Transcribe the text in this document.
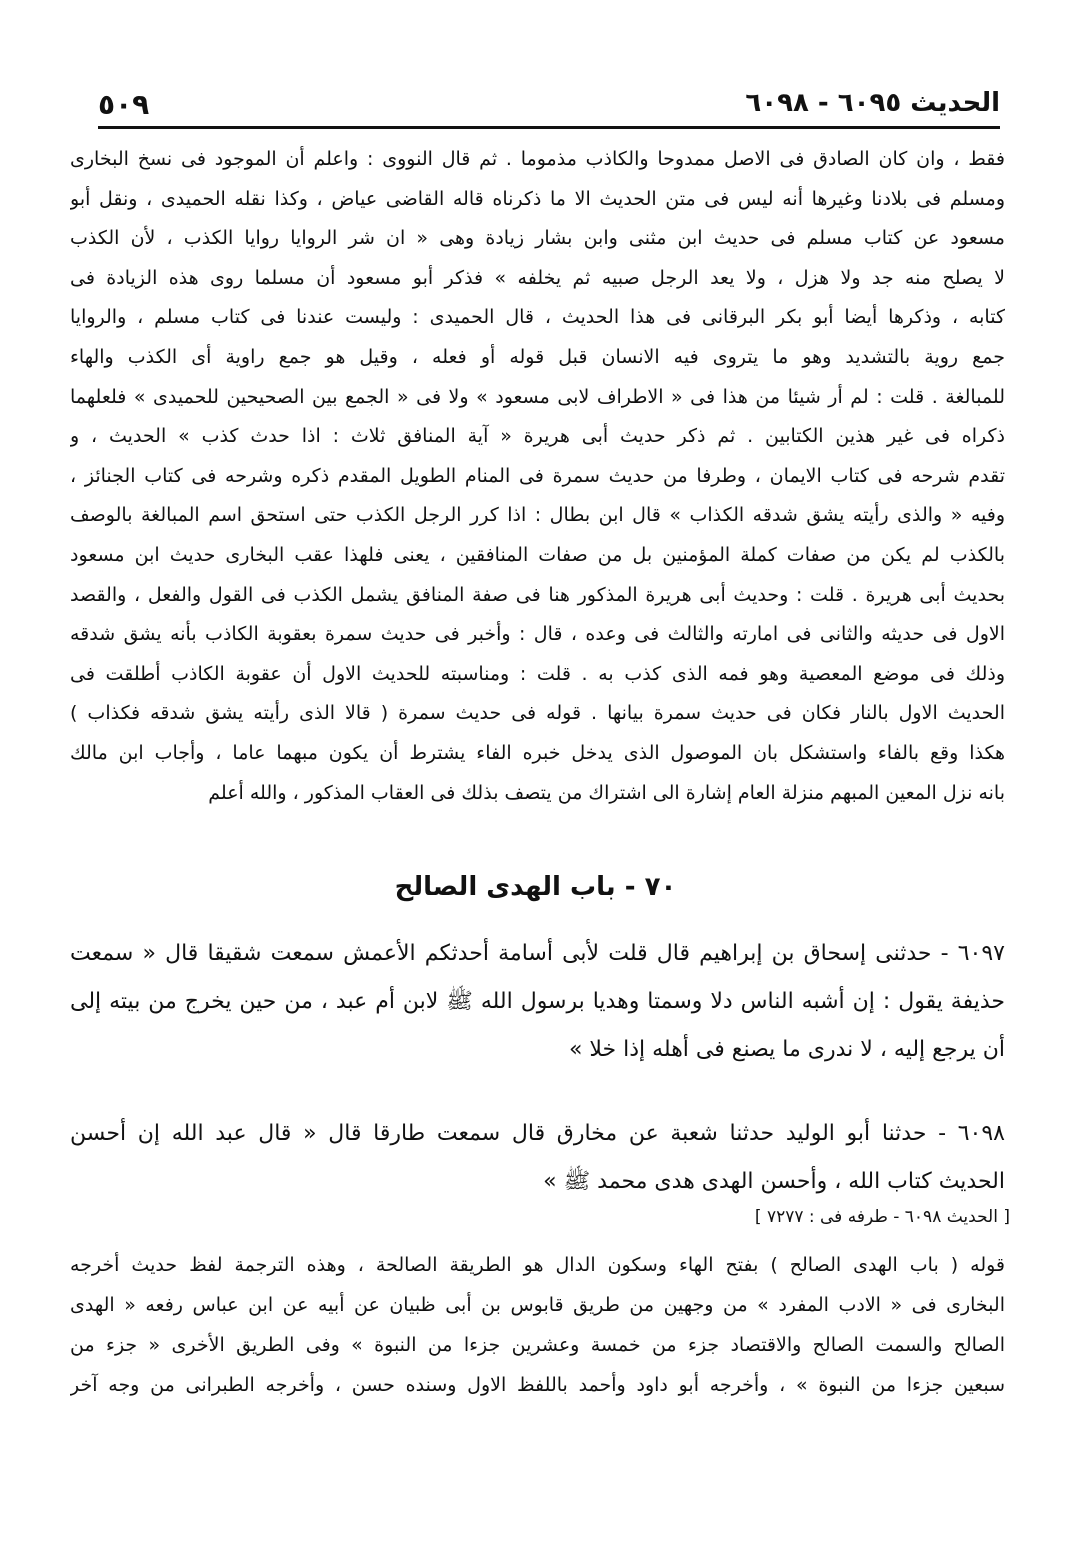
الحديث ٦٠٩٥ - ٦٠٩٨
٥٠٩
فقط ، وان كان الصادق فى الاصل ممدوحا والكاذب مذموما . ثم قال النووى : واعلم أن الموجود فى نسخ البخارى
ومسلم فى بلادنا وغيرها أنه ليس فى متن الحديث الا ما ذكرناه قاله القاضى عياض ، وكذا نقله الحميدى ، ونقل أبو
مسعود عن كتاب مسلم فى حديث ابن مثنى وابن بشار زيادة وهى « ان شر الروايا روايا الكذب ، لأن الكذب
لا يصلح منه جد ولا هزل ، ولا يعد الرجل صبيه ثم يخلفه » فذكر أبو مسعود أن مسلما روى هذه الزيادة فى
كتابه ، وذكرها أيضا أبو بكر البرقانى فى هذا الحديث ، قال الحميدى : وليست عندنا فى كتاب مسلم ، والروايا
جمع روية بالتشديد وهو ما يتروى فيه الانسان قبل قوله أو فعله ، وقيل هو جمع راوية أى الكذب والهاء
للمبالغة . قلت : لم أر شيئا من هذا فى « الاطراف لابى مسعود » ولا فى « الجمع بين الصحيحين للحميدى » فلعلهما
ذكراه فى غير هذين الكتابين . ثم ذكر حديث أبى هريرة « آية المنافق ثلاث : اذا حدث كذب » الحديث ، و
تقدم شرحه فى كتاب الايمان ، وطرفا من حديث سمرة فى المنام الطويل المقدم ذكره وشرحه فى كتاب الجنائز ،
وفيه « والذى رأيته يشق شدقه الكذاب » قال ابن بطال : اذا كرر الرجل الكذب حتى استحق اسم المبالغة بالوصف
بالكذب لم يكن من صفات كملة المؤمنين بل من صفات المنافقين ، يعنى فلهذا عقب البخارى حديث ابن مسعود
بحديث أبى هريرة . قلت : وحديث أبى هريرة المذكور هنا فى صفة المنافق يشمل الكذب فى القول والفعل ، والقصد
الاول فى حديثه والثانى فى امارته والثالث فى وعده ، قال : وأخبر فى حديث سمرة بعقوبة الكاذب بأنه يشق شدقه
وذلك فى موضع المعصية وهو فمه الذى كذب به . قلت : ومناسبته للحديث الاول أن عقوبة الكاذب أطلقت فى
الحديث الاول بالنار فكان فى حديث سمرة بيانها . قوله فى حديث سمرة ( قالا الذى رأيته يشق شدقه فكذاب )
هكذا وقع بالفاء واستشكل بان الموصول الذى يدخل خبره الفاء يشترط أن يكون مبهما عاما ، وأجاب ابن مالك
بانه نزل المعين المبهم منزلة العام إشارة الى اشتراك من يتصف بذلك فى العقاب المذكور ، والله أعلم
٧٠ - باب الهدى الصالح
٦٠٩٧ - حدثنى إسحاق بن إبراهيم قال قلت لأبى أسامة أحدثكم الأعمش سمعت شقيقا قال « سمعت
حذيفة يقول : إن أشبه الناس دلا وسمتا وهديا برسول الله ﷺ لابن أم عبد ، من حين يخرج من بيته إلى
أن يرجع إليه ، لا ندرى ما يصنع فى أهله إذا خلا »
٦٠٩٨ - حدثنا أبو الوليد حدثنا شعبة عن مخارق قال سمعت طارقا قال « قال عبد الله إن أحسن
الحديث كتاب الله ، وأحسن الهدى هدى محمد ﷺ »
[ الحديث ٦٠٩٨ - طرفه فى : ٧٢٧٧ ]
قوله ( باب الهدى الصالح ) بفتح الهاء وسكون الدال هو الطريقة الصالحة ، وهذه الترجمة لفظ حديث أخرجه
البخارى فى « الادب المفرد » من وجهين من طريق قابوس بن أبى ظبيان عن أبيه عن ابن عباس رفعه « الهدى
الصالح والسمت الصالح والاقتصاد جزء من خمسة وعشرين جزءا من النبوة » وفى الطريق الأخرى « جزء من
سبعين جزءا من النبوة » ، وأخرجه أبو داود وأحمد باللفظ الاول وسنده حسن ، وأخرجه الطبرانى من وجه آخر
